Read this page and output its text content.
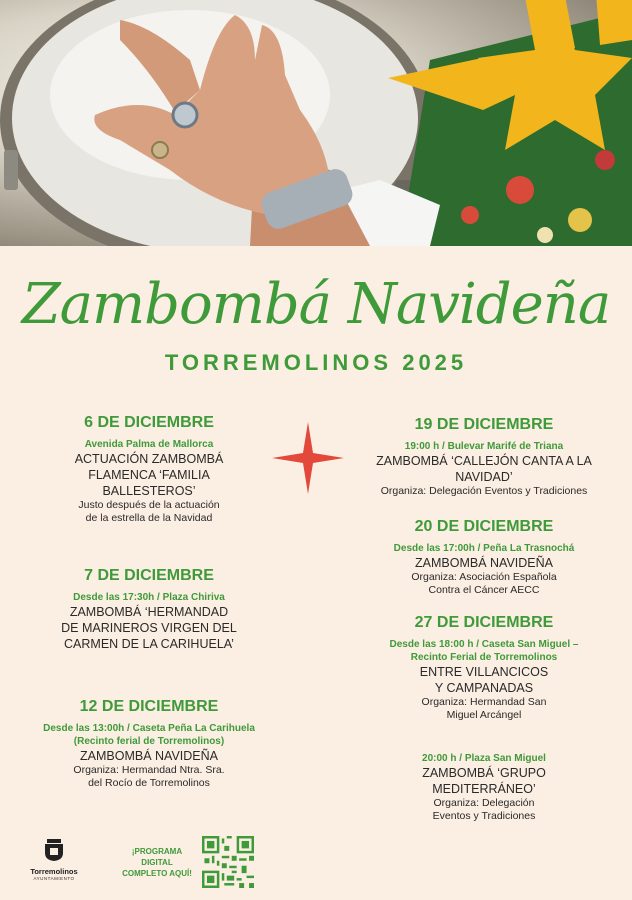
Zambombá Navideña
TORREMOLINOS 2025
6 DE DICIEMBRE
Avenida Palma de Mallorca
ACTUACIÓN ZAMBOMBÁ
FLAMENCA ‘FAMILIA
BALLESTEROS’
Justo después de la actuación
de la estrella de la Navidad
7 DE DICIEMBRE
Desde las 17:30h / Plaza Chiriva
ZAMBOMBÁ ‘HERMANDAD
DE MARINEROS VIRGEN DEL
CARMEN DE LA CARIHUELA’
12 DE DICIEMBRE
Desde las 13:00h / Caseta Peña La Carihuela
(Recinto ferial de Torremolinos)
ZAMBOMBÁ NAVIDEÑA
Organiza: Hermandad Ntra. Sra.
del Rocío de Torremolinos
19 DE DICIEMBRE
19:00 h / Bulevar Marifé de Triana
ZAMBOMBÁ ‘CALLEJÓN CANTA A LA
NAVIDAD’
Organiza: Delegación Eventos y Tradiciones
20 DE DICIEMBRE
Desde las 17:00h / Peña La Trasnochá
ZAMBOMBÁ NAVIDEÑA
Organiza: Asociación Española
Contra el Cáncer AECC
27 DE DICIEMBRE
Desde las 18:00 h / Caseta San Miguel –
Recinto Ferial de Torremolinos
ENTRE VILLANCICOS
Y CAMPANADAS
Organiza: Hermandad San
Miguel Arcángel
20:00 h / Plaza San Miguel
ZAMBOMBÁ ‘GRUPO
MEDITERRÁNEO’
Organiza: Delegación
Eventos y Tradiciones
Torremolinos
AYUNTAMIENTO
¡PROGRAMA
DIGITAL
COMPLETO AQUÍ!
